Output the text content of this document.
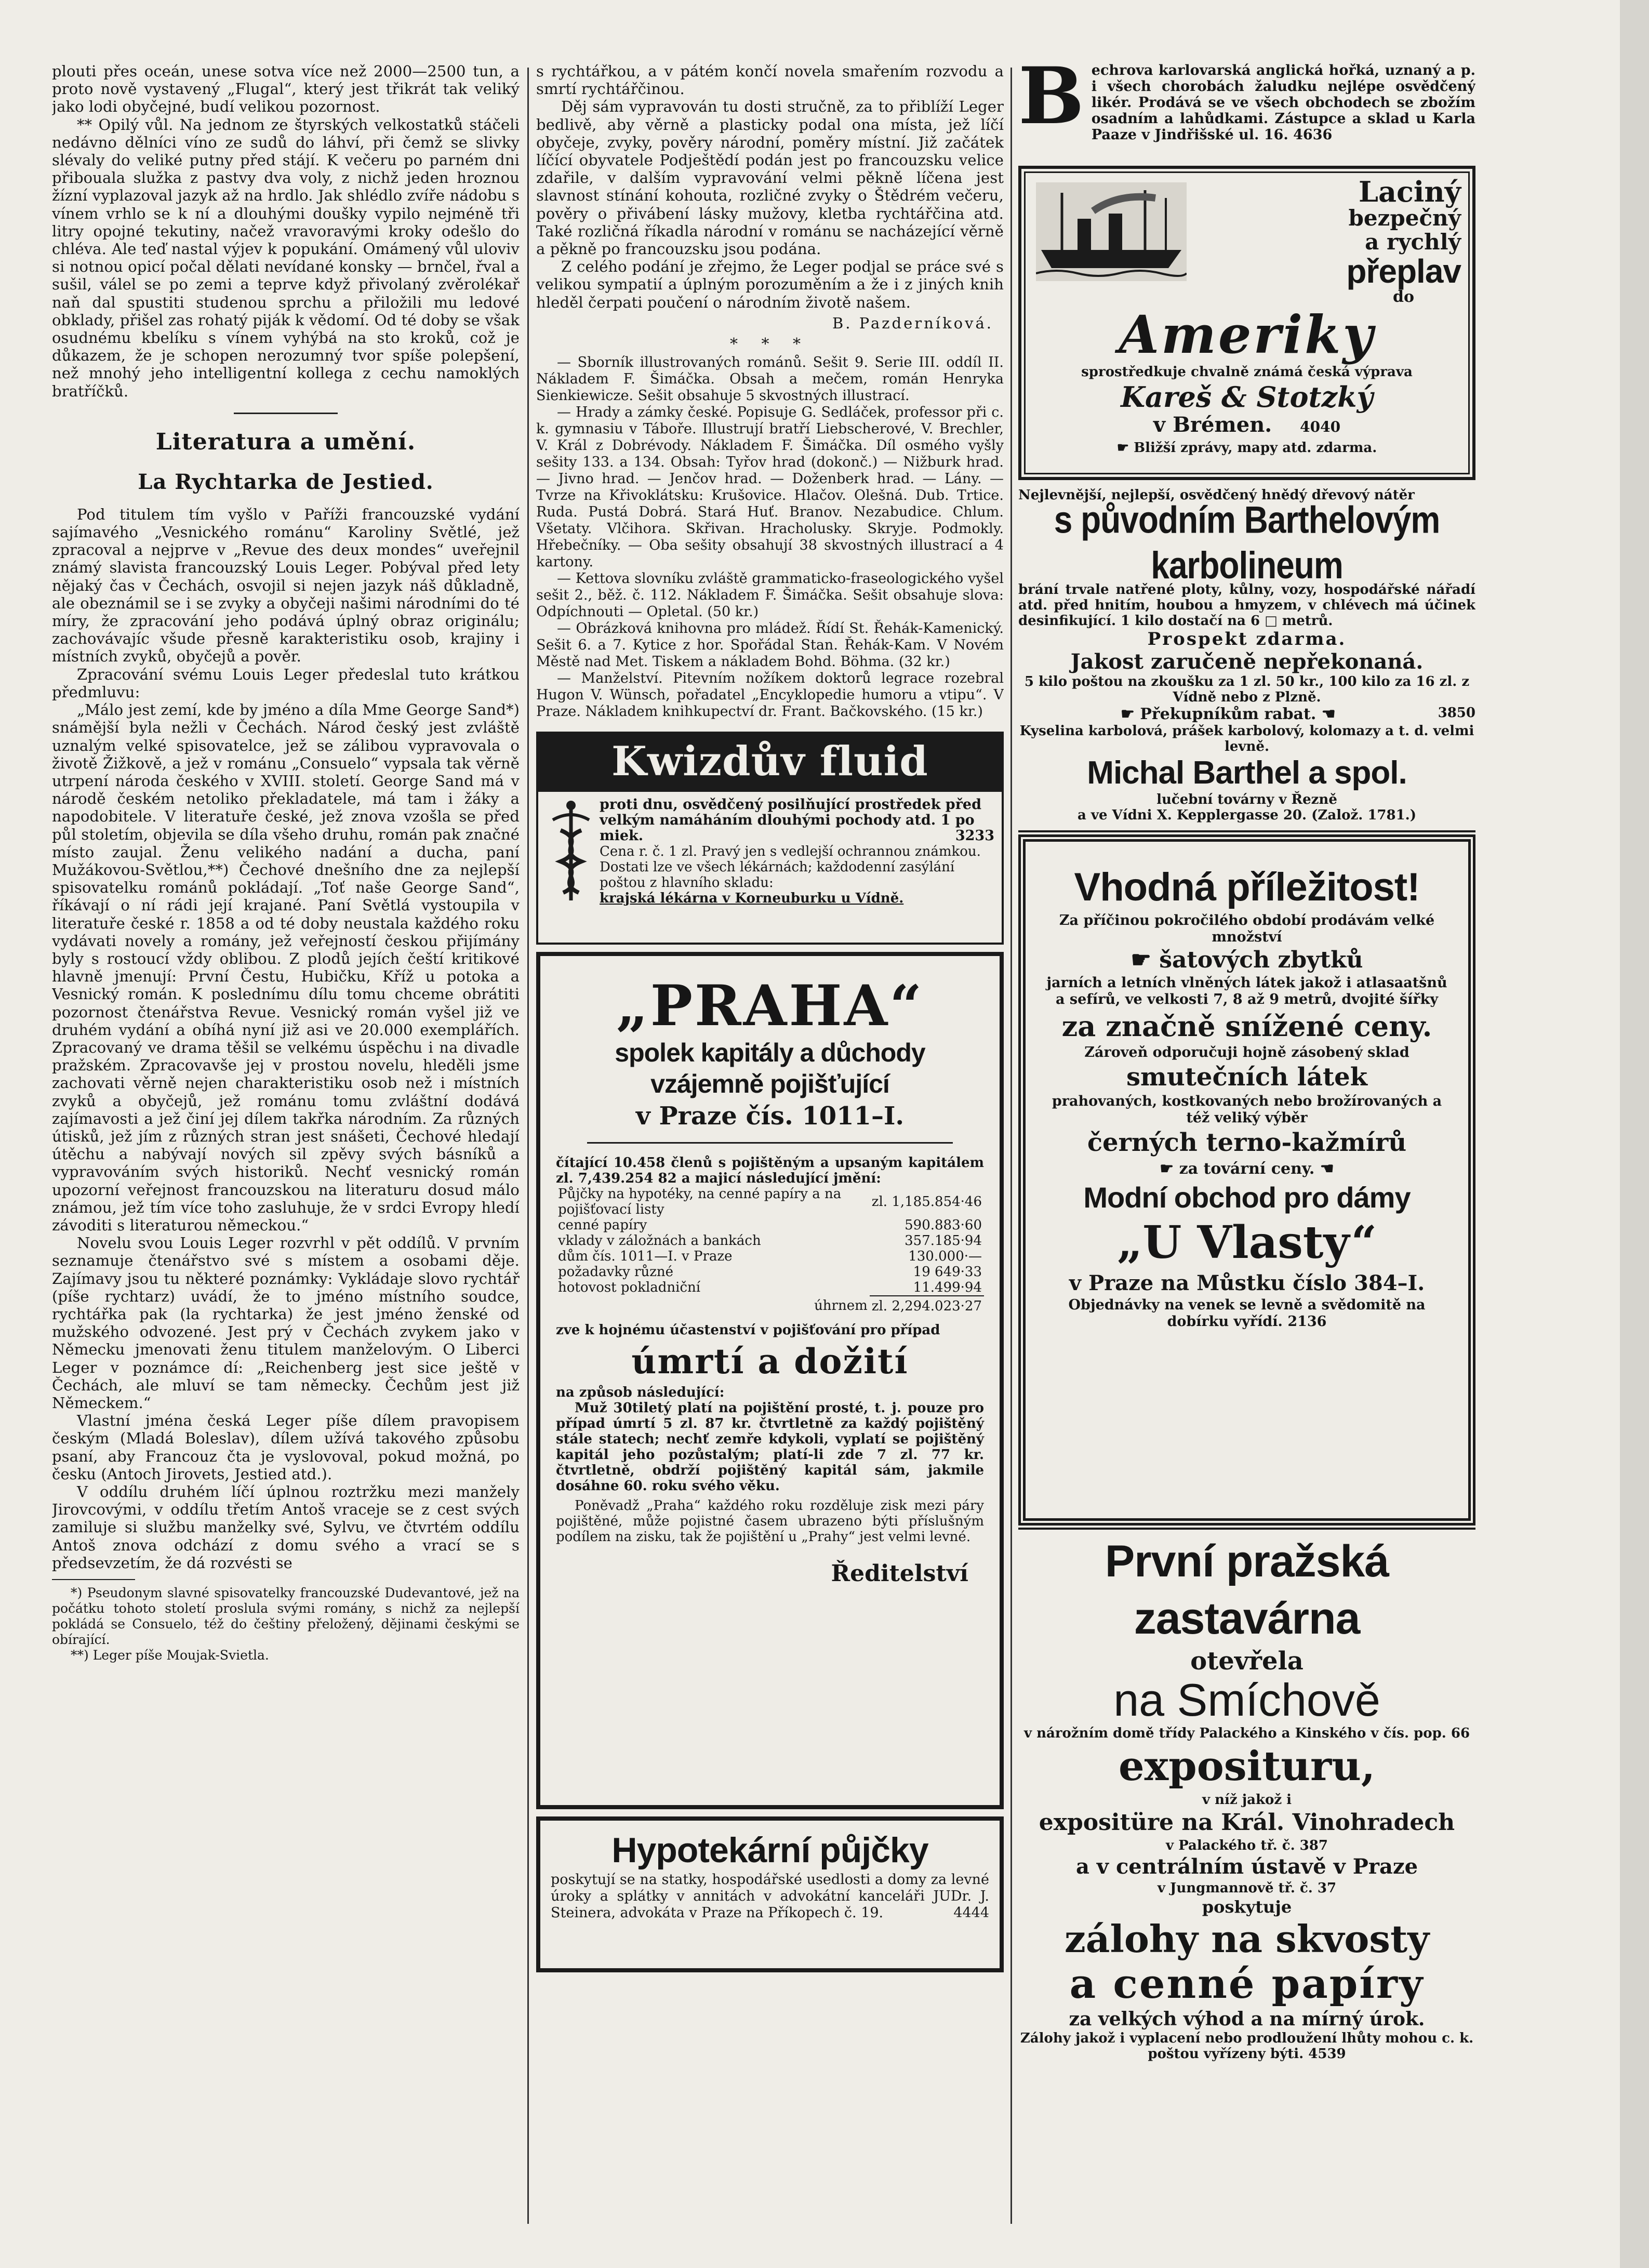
plouti přes oceán, unese sotva více než 2000—2500 tun, a proto nově vystavený „Flugal“, který jest třikrát tak veliký jako lodi obyčejné, budí velikou pozornost.

** Opilý vůl. Na jednom ze štyrských velkostatků stáčeli nedávno dělníci víno ze sudů do láhví, při čemž se slivky slévaly do veliké putny před stájí. K večeru po parném dni přibouala služka z pastvy dva voly, z nichž jeden hroznou žízní vyplazoval jazyk až na hrdlo. Jak shlédlo zvíře nádobu s vínem vrhlo se k ní a dlouhými doušky vypilo nejméně tři litry opojné tekutiny, načež vravoravými kroky odešlo do chléva. Ale teď nastal výjev k popukání. Omámený vůl uloviv si notnou opicí počal dělati nevídané konsky — brnčel, řval a sušil, válel se po zemi a teprve když přivolaný zvěrolékař naň dal spustiti studenou sprchu a přiložili mu ledové obklady, přišel zas rohatý piják k vědomí. Od té doby se však osudnému kbelíku s vínem vyhýbá na sto kroků, což je důkazem, že je schopen nerozumný tvor spíše polepšení, než mnohý jeho intelligentní kollega z cechu namoklých bratříčků.

Literatura a umění.
La Rychtarka de Jestied.

Pod titulem tím vyšlo v Paříži francouzské vydání sajímavého „Vesnického románu“ Karoliny Světlé, jež zpracoval a nejprve v „Revue des deux mondes“ uveřejnil známý slavista francouzský Louis Leger. Pobýval před lety nějaký čas v Čechách, osvojil si nejen jazyk náš důkladně, ale obeznámil se i se zvyky a obyčeji našimi národními do té míry, že zpracování jeho podává úplný obraz originálu; zachovávajíc všude přesně karakteristiku osob, krajiny i místních zvyků, obyčejů a pověr.

Zpracování svému Louis Leger předeslal tuto krátkou předmluvu:

„Málo jest zemí, kde by jméno a díla Mme George Sand*) snámější byla nežli v Čechách. Národ český jest zvláště uznalým velké spisovatelce, jež se zálibou vypravovala o životě Žižkově, a jež v románu „Consuelo“ vypsala tak věrně utrpení národa českého v XVIII. století. George Sand má v národě českém netoliko překladatele, má tam i žáky a napodobitele. V literatuře české, jež znova vzošla se před půl stoletím, objevila se díla všeho druhu, román pak značné místo zaujal. Ženu velikého nadání a ducha, paní Mužákovou-Světlou,**) Čechové dnešního dne za nejlepší spisovatelku románů pokládají. „Toť naše George Sand“, říkávají o ní rádi její krajané. Paní Světlá vystoupila v literatuře české r. 1858 a od té doby neustala každého roku vydávati novely a romány, jež veřejností českou přijímány byly s rostoucí vždy oblibou. Z plodů jejích čeští kritikové hlavně jmenují: První Čestu, Hubičku, Kříž u potoka a Vesnický román. K poslednímu dílu tomu chceme obrátiti pozornost čtenářstva Revue. Vesnický román vyšel již ve druhém vydání a obíhá nyní již asi ve 20.000 exemplářích. Zpracovaný ve drama těšil se velkému úspěchu i na divadle pražském. Zpracovavše jej v prostou novelu, hleděli jsme zachovati věrně nejen charakteristiku osob než i místních zvyků a obyčejů, jež románu tomu zvláštní dodává zajímavosti a jež činí jej dílem takřka národním. Za různých útisků, jež jím z různých stran jest snášeti, Čechové hledají útěchu a nabývají nových sil zpěvy svých básníků a vypravováním svých historiků. Nechť vesnický román upozorní veřejnost francouzskou na literaturu dosud málo známou, jež tím více toho zasluhuje, že v srdci Evropy hledí závoditi s literaturou německou.“

Novelu svou Louis Leger rozvrhl v pět oddílů. V prvním seznamuje čtenářstvo své s místem a osobami děje. Zajímavy jsou tu některé poznámky: Vykládaje slovo rychtář (píše rychtarz) uvádí, že to jméno místního soudce, rychtářka pak (la rychtarka) že jest jméno ženské od mužského odvozené. Jest prý v Čechách zvykem jako v Německu jmenovati ženu titulem manželovým. O Liberci Leger v poznámce dí: „Reichenberg jest sice ještě v Čechách, ale mluví se tam německy. Čechům jest již Německem.“

Vlastní jména česká Leger píše dílem pravopisem českým (Mladá Boleslav), dílem užívá takového způsobu psaní, aby Francouz čta je vyslovoval, pokud možná, po česku (Antoch Jirovets, Jestied atd.).

V oddílu druhém líčí úplnou roztržku mezi manžely Jirovcovými, v oddílu třetím Antoš vraceje se z cest svých zamiluje si službu manželky své, Sylvu, ve čtvrtém oddílu Antoš znova odchází z domu svého a vrací se s předsevzetím, že dá rozvésti se

*) Pseudonym slavné spisovatelky francouzské Dudevantové, jež na počátku tohoto století proslula svými romány, s nichž za nejlepší pokládá se Consuelo, též do češtiny přeložený, dějinami českými se obírající.

**) Leger píše Moujak-Svietla.

s rychtářkou, a v pátém končí novela smařením rozvodu a smrtí rychtářčinou.

Děj sám vypravován tu dosti stručně, za to přiblíží Leger bedlivě, aby věrně a plasticky podal ona místa, jež líčí obyčeje, zvyky, pověry národní, poměry místní. Již začátek líčící obyvatele Podještědí podán jest po francouzsku velice zdařile, v dalším vypravování velmi pěkně líčena jest slavnost stínání kohouta, rozličné zvyky o Štědrém večeru, pověry o přivábení lásky mužovy, kletba rychtářčina atd. Také rozličná říkadla národní v románu se nacházející věrně a pěkně po francouzsku jsou podána.

Z celého podání je zřejmo, že Leger podjal se práce své s velikou sympatií a úplným porozuměním a že i z jiných knih hleděl čerpati poučení o národním životě našem.

B. Pazderníková.
* * *

— Sborník illustrovaných románů. Sešit 9. Serie III. oddíl II. Nákladem F. Šimáčka. Obsah a mečem, román Henryka Sienkiewicze. Sešit obsahuje 5 skvostných illustrací.

— Hrady a zámky české. Popisuje G. Sedláček, professor při c. k. gymnasiu v Táboře. Illustrují bratří Liebscherové, V. Brechler, V. Král z Dobrévody. Nákladem F. Šimáčka. Díl osmého vyšly sešity 133. a 134. Obsah: Tyřov hrad (dokonč.) — Nižburk hrad. — Jivno hrad. — Jenčov hrad. — Doženberk hrad. — Lány. — Tvrze na Křivoklátsku: Krušovice. Hlačov. Olešná. Dub. Trtice. Ruda. Pustá Dobrá. Stará Huť. Branov. Nezabudice. Chlum. Všetaty. Vlčihora. Skřivan. Hracholusky. Skryje. Podmokly. Hřebečníky. — Oba sešity obsahují 38 skvostných illustrací a 4 kartony.

— Kettova slovníku zvláště grammaticko-fraseologického vyšel sešit 2., běž. č. 112. Nákladem F. Šimáčka. Sešit obsahuje slova: Odpíchnouti — Opletal. (50 kr.)

— Obrázková knihovna pro mládež. Řídí St. Řehák-Kamenický. Sešit 6. a 7. Kytice z hor. Spořádal Stan. Řehák-Kam. V Novém Městě nad Met. Tiskem a nákladem Bohd. Böhma. (32 kr.)

— Manželství. Pitevním nožíkem doktorů legrace rozebral Hugon V. Wünsch, pořadatel „Encyklopedie humoru a vtipu“. V Praze. Nákladem knihkupectví dr. Frant. Bačkovského. (15 kr.)

Kwizdův fluid

proti dnu, osvědčený posilňující prostředek před velkým namáháním dlouhými pochody atd. 1 po miek.	3233

Cena r. č. 1 zl. Pravý jen s vedlejší ochrannou známkou. Dostati lze ve všech lékárnách; každodenní zasýlání poštou z hlavního skladu:

krajská lékárna v Korneuburku u Vídně.

„PRAHA“
spolek kapitály a důchody vzájemně pojišťující
v Praze čís. 1011–I.

čítající 10.458 členů s pojištěným a upsaným kapitálem zl. 7,439.254 82 a majicí následující jmění:

Půjčky na hypotéky, na cenné papíry a na pojišťovací listy	zl. 1,185.854·46
cenné papíry	590.883·60
vklady v záložnách a bankách	357.185·94
dům čís. 1011—I. v Praze	130.000·—
požadavky různé	19 649·33
hotovost pokladniční	11.499·94
úhrnem	zl. 2,294.023·27

zve k hojnému účastenství v pojišťování pro případ

úmrtí a dožití

na způsob následující:

Muž 30tiletý platí na pojištění prosté, t. j. pouze pro případ úmrtí 5 zl. 87 kr. čtvrtletně za každý pojištěný stále statech; nechť zemře kdykoli, vyplatí se pojištěný kapitál jeho pozůstalým; platí-li zde 7 zl. 77 kr. čtvrtletně, obdrží pojištěný kapitál sám, jakmile dosáhne 60. roku svého věku.

Poněvadž „Praha“ každého roku rozděluje zisk mezi páry pojištěné, může pojistné časem ubrazeno býti příslušným podílem na zisku, tak že pojištění u „Prahy“ jest velmi levné.

Ředitelství
Hypotekární půjčky

poskytují se na statky, hospodářské usedlosti a domy za levné úroky a splátky v annitách v advokátní kanceláři JUDr. J. Steinera, advokáta v Praze na Příkopech č. 19.	4444

B echrova karlovarská anglická hořká, uznaný a p. i všech chorobách žaludku nejlépe osvědčený likér. Prodává se ve všech obchodech se zbožím osadním a lahůdkami. Zástupce a sklad u Karla Paaze v Jindřišské ul. 16. 4636

Laciný
bezpečný
a rychlý
přeplav
do
Ameriky
sprostředkuje chvalně známá česká výprava
Kareš & Stotzký
v Brémen. 4040
☛ Bližší zprávy, mapy atd. zdarma.
Nejlevnější, nejlepší, osvědčený hnědý dřevový nátěr
s původním Barthelovým karbolineum

brání trvale natřené ploty, kůlny, vozy, hospodářské nářadí atd. před hnitím, houbou a hmyzem, v chlévech má účinek desinfikující. 1 kilo dostačí na 6 □ metrů.

Prospekt zdarma.
Jakost zaručeně nepřekonaná.

5 kilo poštou na zkoušku za 1 zl. 50 kr., 100 kilo za 16 zl. z Vídně nebo z Plzně.

☛ Překupníkům rabat. ☚	3850

Kyselina karbolová, prášek karbolový, kolomazy a t. d. velmi levně.

Michal Barthel a spol.
lučební továrny v Řezně
a ve Vídni X. Kepplergasse 20. (Založ. 1781.)
Vhodná příležitost!

Za příčinou pokročilého období prodávám velké množství

☛ šatových zbytků

jarních a letních vlněných látek jakož i atlasaatšnů a sefírů, ve velkosti 7, 8 až 9 metrů, dvojité šířky

za značně snížené ceny.

Zároveň odporučuji hojně zásobený sklad

smutečních látek

prahovaných, kostkovaných nebo brožírovaných a též veliký výběr

černých terno-kažmírů
☛ za tovární ceny. ☚
Modní obchod pro dámy
„U Vlasty“
v Praze na Můstku číslo 384–I.

Objednávky na venek se levně a svědomitě na dobírku vyřídí. 2136

První pražská zastavárna
otevřela
na Smíchově
v nárožním domě třídy Palackého a Kinského v čís. pop. 66
exposituru,
v níž jakož i
expositüre na Král. Vinohradech
v Palackého tř. č. 387
a v centrálním ústavě v Praze
v Jungmannově tř. č. 37
poskytuje
zálohy na skvosty
a cenné papíry
za velkých výhod a na mírný úrok.

Zálohy jakož i vyplacení nebo prodloužení lhůty mohou c. k. poštou vyřízeny býti. 4539
